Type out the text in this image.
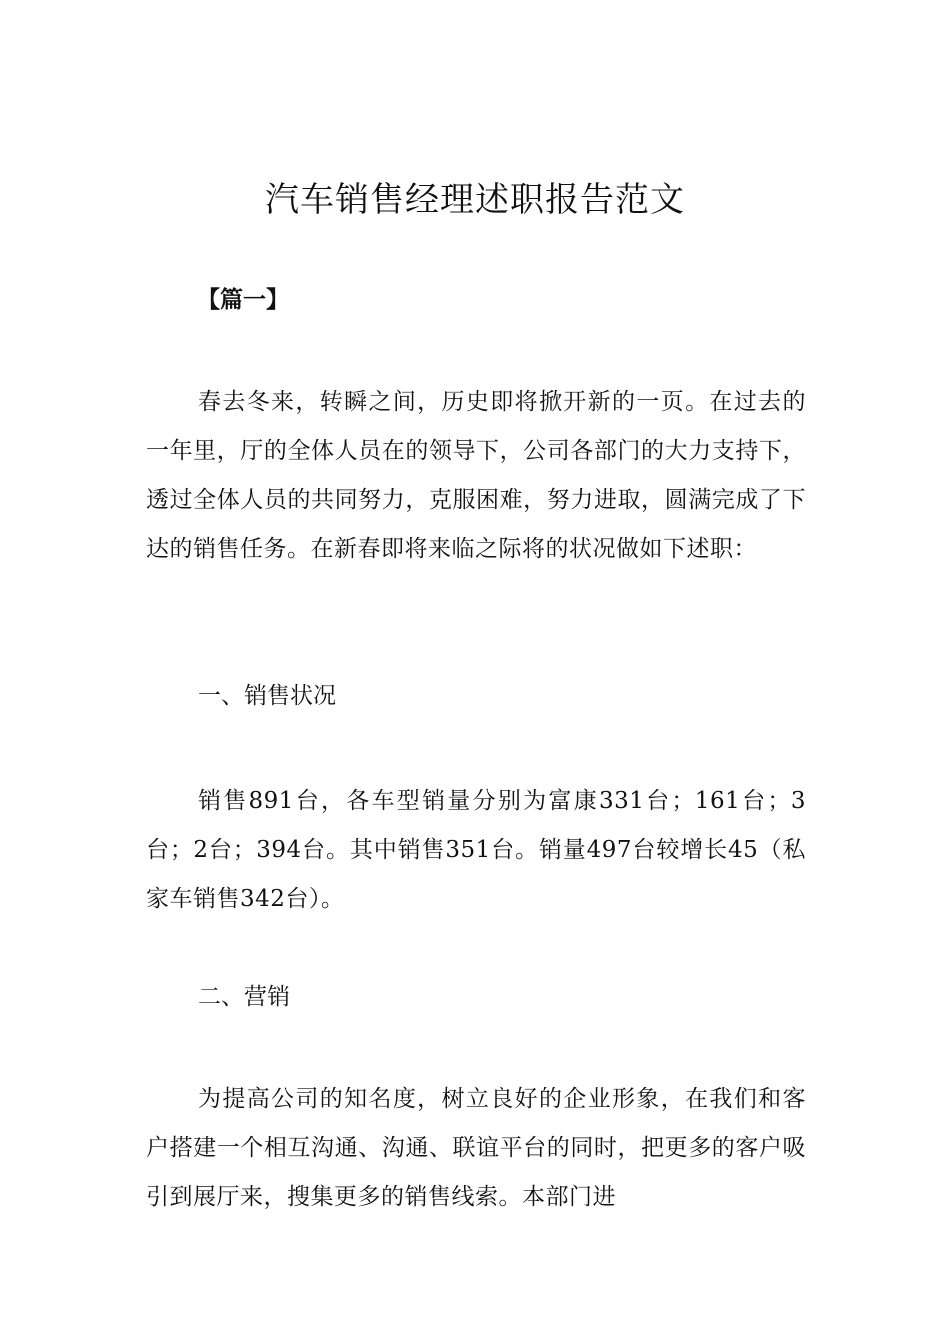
汽车销售经理述职报告范文

【篇一】

春去冬来，转瞬之间，历史即将掀开新的一页。在过去的一年里，厅的全体人员在的领导下，公司各部门的大力支持下，透过全体人员的共同努力，克服困难，努力进取，圆满完成了下达的销售任务。在新春即将来临之际将的状况做如下述职：

一、销售状况

销售891台，各车型销量分别为富康331台；161台；3台；2台；394台。其中销售351台。销量497台较增长45（私家车销售342台）。

二、营销

为提高公司的知名度，树立良好的企业形象，在我们和客户搭建一个相互沟通、沟通、联谊平台的同时，把更多的客户吸引到展厅来，搜集更多的销售线索。本部门进
